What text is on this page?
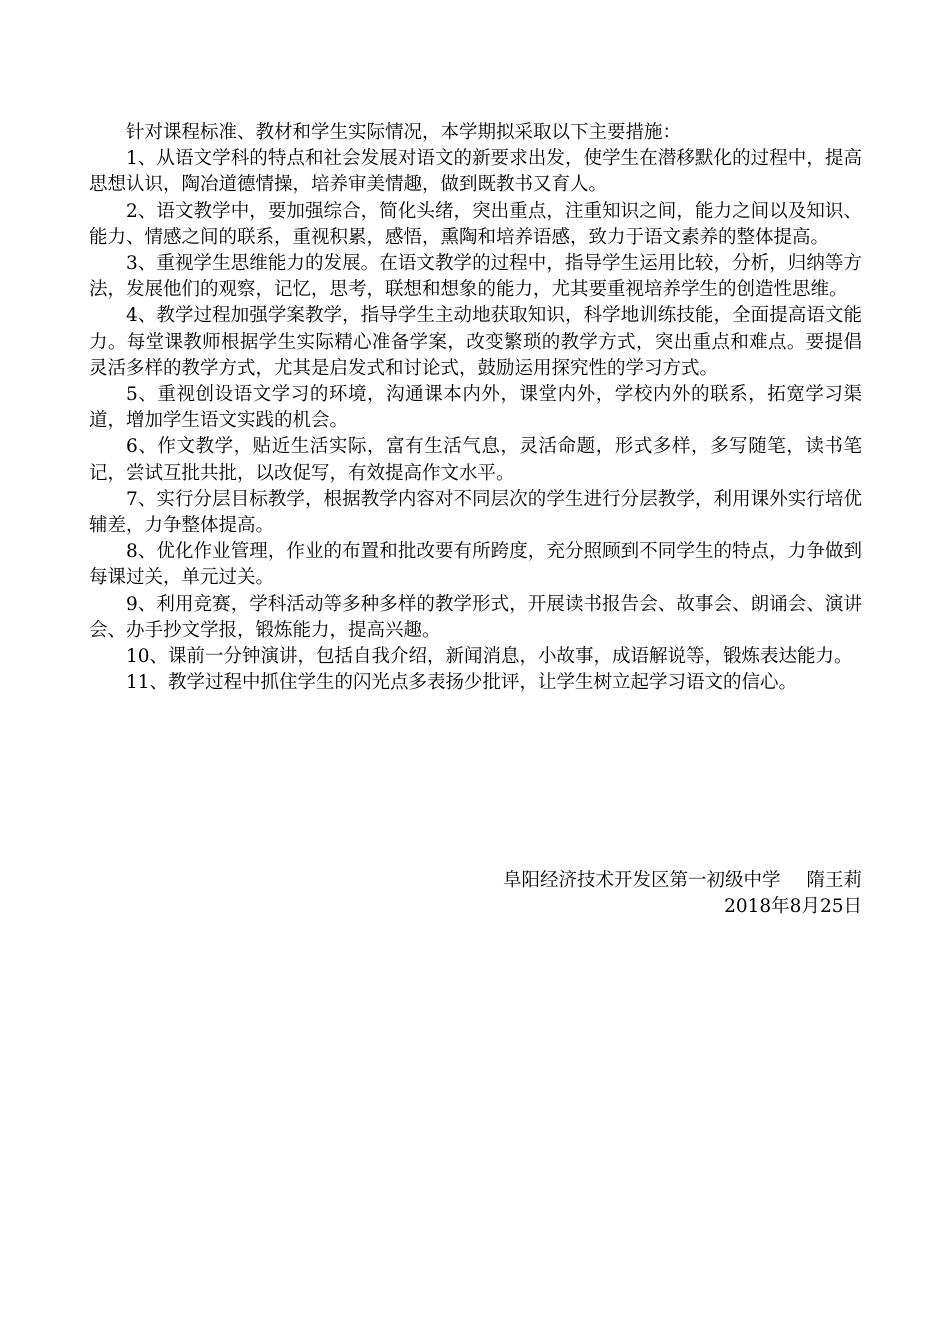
针对课程标准、教材和学生实际情况，本学期拟采取以下主要措施：

1、从语文学科的特点和社会发展对语文的新要求出发，使学生在潜移默化的过程中，提高思想认识，陶冶道德情操，培养审美情趣，做到既教书又育人。

2、语文教学中，要加强综合，简化头绪，突出重点，注重知识之间，能力之间以及知识、能力、情感之间的联系，重视积累，感悟，熏陶和培养语感，致力于语文素养的整体提高。

3、重视学生思维能力的发展。在语文教学的过程中，指导学生运用比较，分析，归纳等方法，发展他们的观察，记忆，思考，联想和想象的能力，尤其要重视培养学生的创造性思维。

4、教学过程加强学案教学，指导学生主动地获取知识，科学地训练技能，全面提高语文能力。每堂课教师根据学生实际精心准备学案，改变繁琐的教学方式，突出重点和难点。要提倡灵活多样的教学方式，尤其是启发式和讨论式，鼓励运用探究性的学习方式。

5、重视创设语文学习的环境，沟通课本内外，课堂内外，学校内外的联系，拓宽学习渠道，增加学生语文实践的机会。

6、作文教学，贴近生活实际，富有生活气息，灵活命题，形式多样，多写随笔，读书笔记，尝试互批共批，以改促写，有效提高作文水平。

7、实行分层目标教学，根据教学内容对不同层次的学生进行分层教学，利用课外实行培优辅差，力争整体提高。

8、优化作业管理，作业的布置和批改要有所跨度，充分照顾到不同学生的特点，力争做到每课过关，单元过关。

9、利用竞赛，学科活动等多种多样的教学形式，开展读书报告会、故事会、朗诵会、演讲会、办手抄文学报，锻炼能力，提高兴趣。

10、课前一分钟演讲，包括自我介绍，新闻消息，小故事，成语解说等，锻炼表达能力。

11、教学过程中抓住学生的闪光点多表扬少批评，让学生树立起学习语文的信心。

阜阳经济技术开发区第一初级中学 隋王莉
2018年8月25日
